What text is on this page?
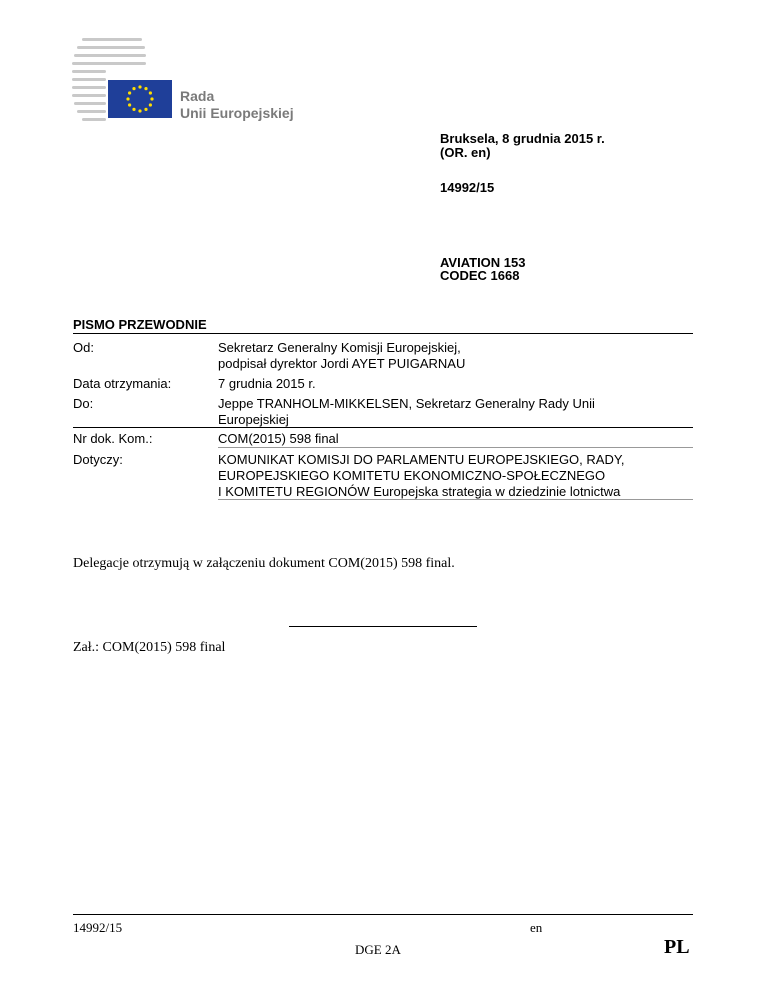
Rada
Unii Europejskiej
Bruksela, 8 grudnia 2015 r.
(OR. en)
14992/15
AVIATION 153
CODEC 1668
PISMO PRZEWODNIE
Od:	Sekretarz Generalny Komisji Europejskiej,
podpisał dyrektor Jordi AYET PUIGARNAU
Data otrzymania:	7 grudnia 2015 r.
Do:	Jeppe TRANHOLM-MIKKELSEN, Sekretarz Generalny Rady Unii
Europejskiej
Nr dok. Kom.:	COM(2015) 598 final
Dotyczy:	KOMUNIKAT KOMISJI DO PARLAMENTU EUROPEJSKIEGO, RADY,
EUROPEJSKIEGO KOMITETU EKONOMICZNO-SPOŁECZNEGO
I KOMITETU REGIONÓW Europejska strategia w dziedzinie lotnictwa
Delegacje otrzymują w załączeniu dokument COM(2015) 598 final.
Zał.: COM(2015) 598 final
14992/15	en
DGE 2A	PL
